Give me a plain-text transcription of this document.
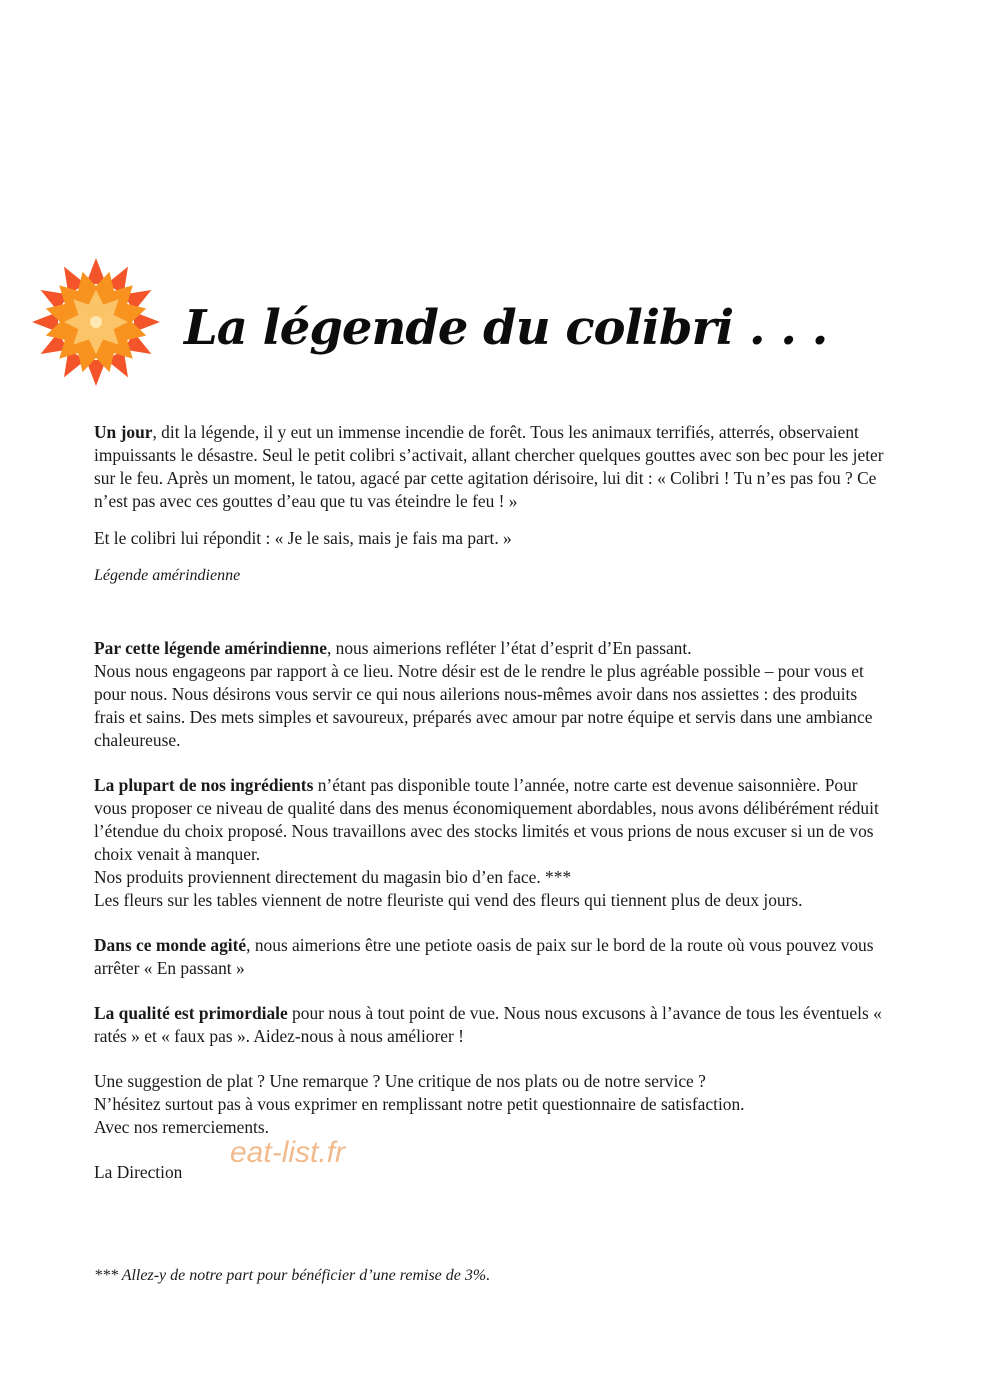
La légende du colibri . . .

Un jour, dit la légende, il y eut un immense incendie de forêt. Tous les animaux terrifiés, atterrés, observaient impuissants le désastre. Seul le petit colibri s’activait, allant chercher quelques gouttes avec son bec pour les jeter sur le feu. Après un moment, le tatou, agacé par cette agitation dérisoire, lui dit : « Colibri ! Tu n’es pas fou ? Ce n’est pas avec ces gouttes d’eau que tu vas éteindre le feu ! »

Et le colibri lui répondit : « Je le sais, mais je fais ma part. »

Légende amérindienne

Par cette légende amérindienne, nous aimerions refléter l’état d’esprit d’En passant.
Nous nous engageons par rapport à ce lieu. Notre désir est de le rendre le plus agréable possible – pour vous et pour nous. Nous désirons vous servir ce qui nous ailerions nous-mêmes avoir dans nos assiettes : des produits frais et sains. Des mets simples et savoureux, préparés avec amour par notre équipe et servis dans une ambiance chaleureuse.

La plupart de nos ingrédients n’étant pas disponible toute l’année, notre carte est devenue saisonnière. Pour vous proposer ce niveau de qualité dans des menus économiquement abordables, nous avons délibérément réduit l’étendue du choix proposé. Nous travaillons avec des stocks limités et vous prions de nous excuser si un de vos choix venait à manquer.
Nos produits proviennent directement du magasin bio d’en face. ***
Les fleurs sur les tables viennent de notre fleuriste qui vend des fleurs qui tiennent plus de deux jours.

Dans ce monde agité, nous aimerions être une petiote oasis de paix sur le bord de la route où vous pouvez vous arrêter « En passant »

La qualité est primordiale pour nous à tout point de vue. Nous nous excusons à l’avance de tous les éventuels « ratés » et « faux pas ». Aidez-nous à nous améliorer !

Une suggestion de plat ? Une remarque ? Une critique de nos plats ou de notre service ?
N’hésitez surtout pas à vous exprimer en remplissant notre petit questionnaire de satisfaction.
Avec nos remerciements.

La Direction

eat-list.fr

*** Allez-y de notre part pour bénéficier d’une remise de 3%.
